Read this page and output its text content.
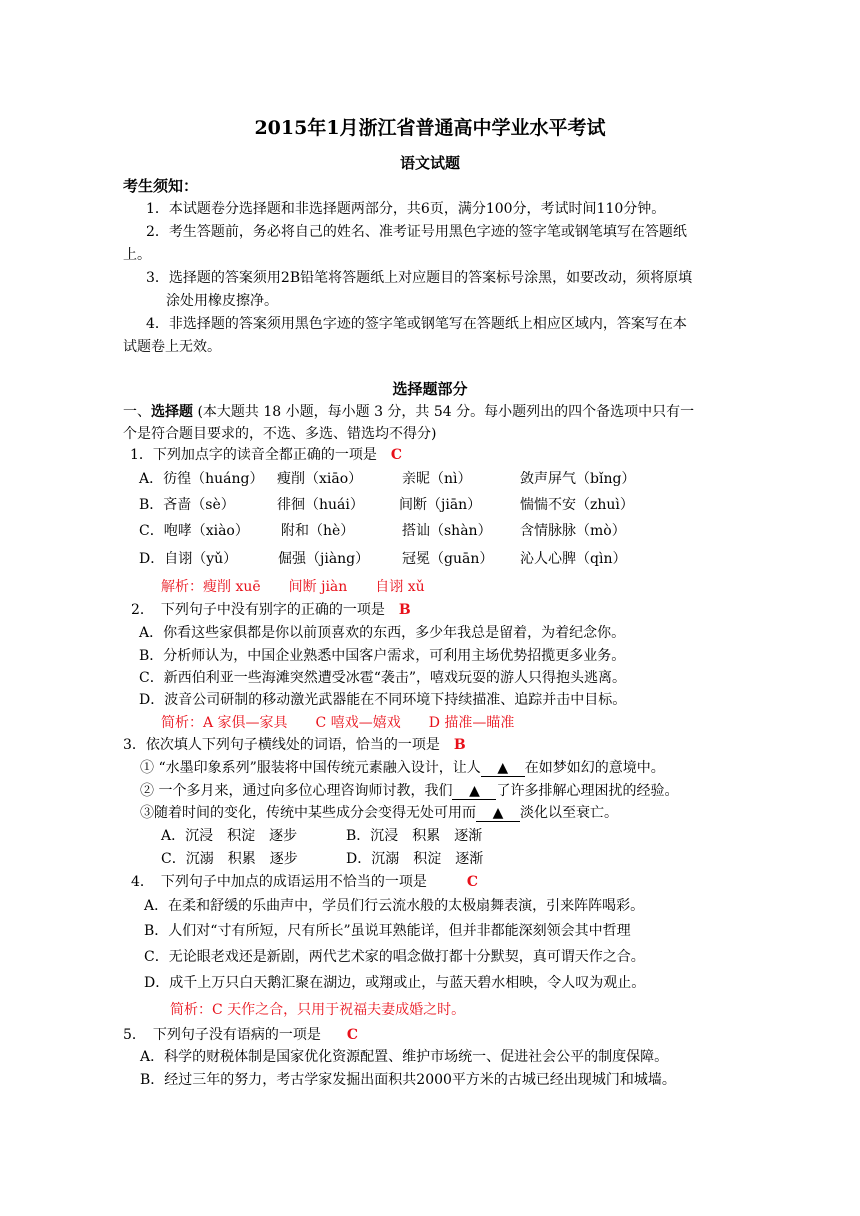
2015年1月浙江省普通高中学业水平考试
语文试题
考生须知：
1．本试题卷分选择题和非选择题两部分，共6页，满分100分，考试时间110分钟。
2．考生答题前，务必将自己的姓名、准考证号用黑色字迹的签字笔或钢笔填写在答题纸
上。
3．选择题的答案须用2B铅笔将答题纸上对应题目的答案标号涂黑，如要改动，须将原填
涂处用橡皮擦净。
4．非选择题的答案须用黑色字迹的签字笔或钢笔写在答题纸上相应区域内，答案写在本
试题卷上无效。
选择题部分
一、选择题 (本大题共 18 小题，每小题 3 分，共 54 分。每小题列出的四个备选项中只有一
个是符合题目要求的，不选、多选、错选均不得分)
1．下列加点字的读音全都正确的一项是 C
A．彷徨（huáng） 瘦削（xiāo）	亲昵（nì）	敛声屏气（bǐng）
B．吝啬（sè）	徘徊（huái）	间断（jiān）	惴惴不安（zhuì）
C．咆哮（xiào） 附和（hè）	搭讪（shàn） 含情脉脉（mò）
D．自诩（yǔ）	倔强（jiàng） 冠冕（guān） 沁人心脾（qìn）
解析：瘦削 xuē　　间断 jiàn　　自诩 xǔ
2．　下列句子中没有别字的正确的一项是 B
A．你看这些家俱都是你以前顶喜欢的东西，多少年我总是留着，为着纪念你。
B．分析师认为，中国企业熟悉中国客户需求，可利用主场优势招揽更多业务。
C．新西伯利亚一些海滩突然遭受冰雹“袭击”，嘻戏玩耍的游人只得抱头逃离。
D．波音公司研制的移动激光武器能在不同环境下持续描准、追踪并击中目标。
简析：A 家俱—家具　　C 嘻戏—嬉戏　　D 描准—瞄准
3．依次填人下列句子横线处的词语，恰当的一项是 B
① “水墨印象系列”服装将中国传统元素融入设计，让人 ▲ 在如梦如幻的意境中。
② 一个多月来，通过向多位心理咨询师讨教，我们 ▲ 了许多排解心理困扰的经验。
③随着时间的变化，传统中某些成分会变得无处可用而 ▲ 淡化以至衰亡。
A．沉浸　积淀　逐步	B．沉浸　积累　逐渐
C．沉溺　积累　逐步	D．沉溺　积淀　逐渐
4．　下列句子中加点的成语运用不恰当的一项是	C
A．在柔和舒缓的乐曲声中，学员们行云流水般的太极扇舞表演，引来阵阵喝彩。
B．人们对“寸有所短，尺有所长”虽说耳熟能详，但并非都能深刻领会其中哲理
C．无论眼老戏还是新剧，两代艺术家的唱念做打都十分默契，真可谓天作之合。
D．成千上万只白天鹅汇聚在湖边，或翔或止，与蓝天碧水相映，令人叹为观止。
简析：C 天作之合，只用于祝福夫妻成婚之时。
5．　下列句子没有语病的一项是 C
A．科学的财税体制是国家优化资源配置、维护市场统一、促进社会公平的制度保障。
B．经过三年的努力，考古学家发掘出面积共2000平方米的古城已经出现城门和城墙。
